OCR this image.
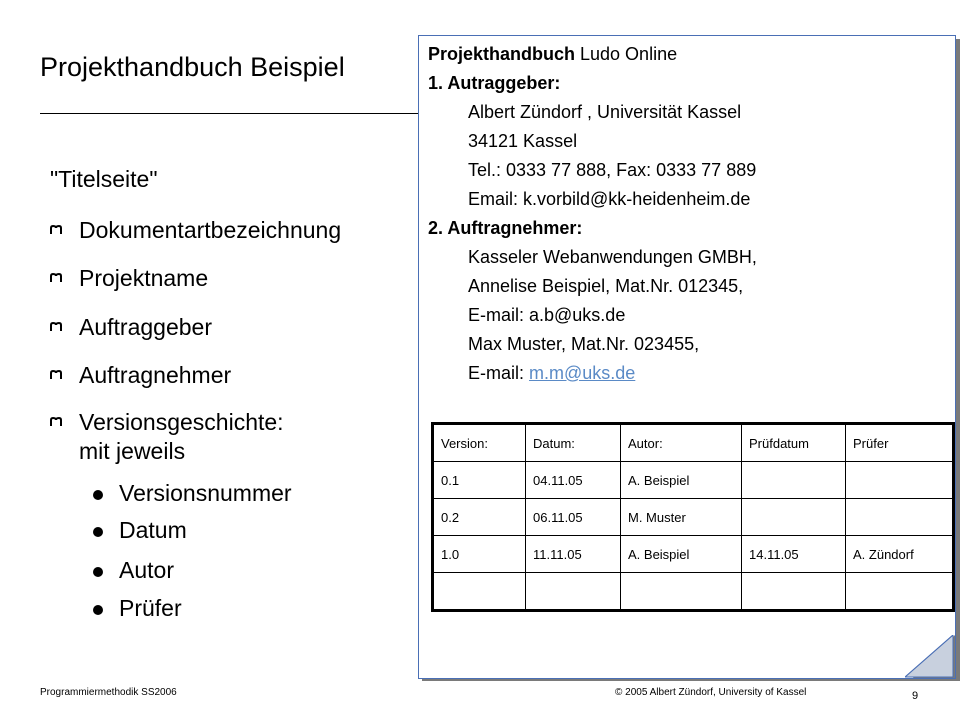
Projekthandbuch Beispiel
"Titelseite"
Dokumentartbezeichnung
Projektname
Auftraggeber
Auftragnehmer
Versionsgeschichte:
mit jeweils
Versionsnummer
Datum
Autor
Prüfer
Projekthandbuch Ludo Online
1. Autraggeber:
Albert Zündorf , Universität Kassel
34121 Kassel
Tel.: 0333 77 888, Fax: 0333 77 889
Email: k.vorbild@kk-heidenheim.de
2. Auftragnehmer:
Kasseler Webanwendungen GMBH,
Annelise Beispiel, Mat.Nr. 012345,
E-mail: a.b@uks.de
Max Muster, Mat.Nr. 023455,
E-mail: m.m@uks.de
Version:	Datum:	Autor:	Prüfdatum	Prüfer
0.1	04.11.05	A. Beispiel		
0.2	06.11.05	M. Muster		
1.0	11.11.05	A. Beispiel	14.11.05	A. Zündorf

Programmiermethodik SS2006	© 2005 Albert Zündorf, University of Kassel	9
